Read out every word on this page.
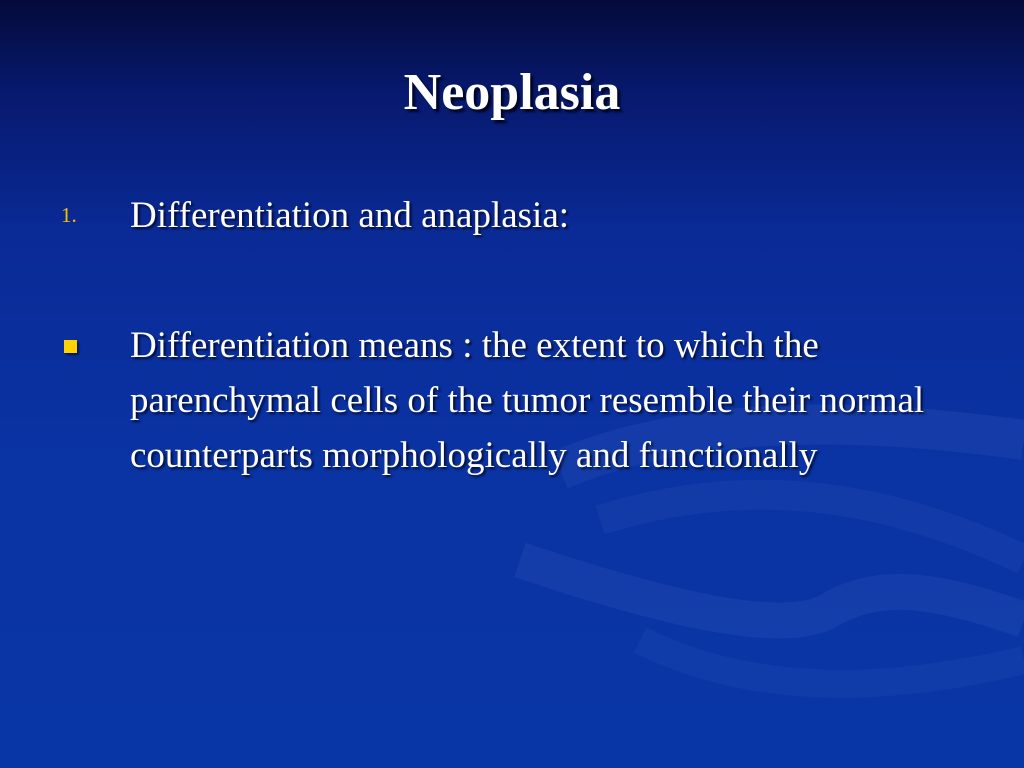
Neoplasia
1. Differentiation and anaplasia:
Differentiation means : the extent to which the parenchymal cells of the tumor resemble their normal counterparts morphologically and functionally
